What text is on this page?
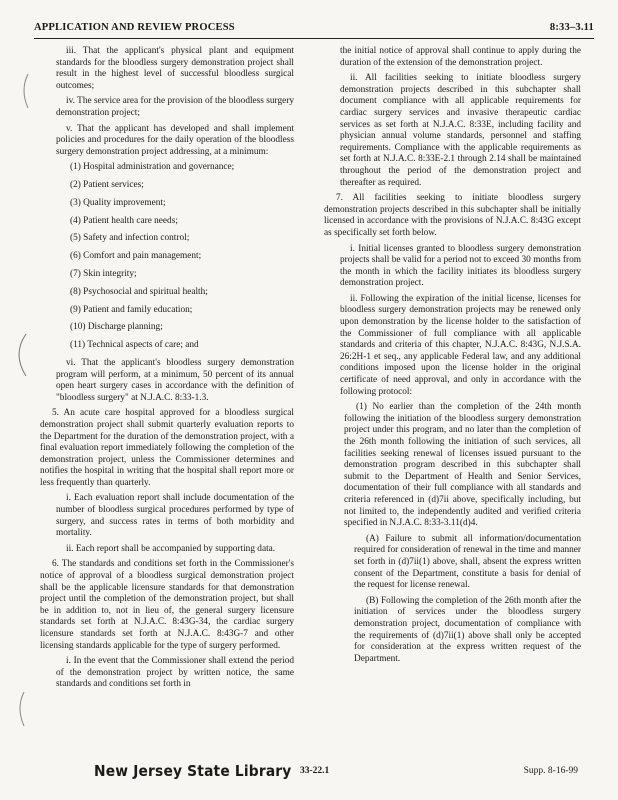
APPLICATION AND REVIEW PROCESS	8:33–3.11

iii. That the applicant's physical plant and equipment standards for the bloodless surgery demonstration project shall result in the highest level of successful bloodless surgical outcomes;

iv. The service area for the provision of the bloodless surgery demonstration project;

v. That the applicant has developed and shall implement policies and procedures for the daily operation of the bloodless surgery demonstration project addressing, at a minimum:

(1) Hospital administration and governance;
(2) Patient services;
(3) Quality improvement;
(4) Patient health care needs;
(5) Safety and infection control;
(6) Comfort and pain management;
(7) Skin integrity;
(8) Psychosocial and spiritual health;
(9) Patient and family education;
(10) Discharge planning;
(11) Technical aspects of care; and

vi. That the applicant's bloodless surgery demonstration program will perform, at a minimum, 50 percent of its annual open heart surgery cases in accordance with the definition of "bloodless surgery" at N.J.A.C. 8:33-1.3.

5. An acute care hospital approved for a bloodless surgical demonstration project shall submit quarterly evaluation reports to the Department for the duration of the demonstration project, with a final evaluation report immediately following the completion of the demonstration project, unless the Commissioner determines and notifies the hospital in writing that the hospital shall report more or less frequently than quarterly.

i. Each evaluation report shall include documentation of the number of bloodless surgical procedures performed by type of surgery, and success rates in terms of both morbidity and mortality.

ii. Each report shall be accompanied by supporting data.

6. The standards and conditions set forth in the Commissioner's notice of approval of a bloodless surgical demonstration project shall be the applicable licensure standards for that demonstration project until the completion of the demonstration project, but shall be in addition to, not in lieu of, the general surgery licensure standards set forth at N.J.A.C. 8:43G-34, the cardiac surgery licensure standards set forth at N.J.A.C. 8:43G-7 and other licensing standards applicable for the type of surgery performed.

i. In the event that the Commissioner shall extend the period of the demonstration project by written notice, the same standards and conditions set forth in

the initial notice of approval shall continue to apply during the duration of the extension of the demonstration project.

ii. All facilities seeking to initiate bloodless surgery demonstration projects described in this subchapter shall document compliance with all applicable requirements for cardiac surgery services and invasive therapeutic cardiac services as set forth at N.J.A.C. 8:33E, including facility and physician annual volume standards, personnel and staffing requirements. Compliance with the applicable requirements as set forth at N.J.A.C. 8:33E-2.1 through 2.14 shall be maintained throughout the period of the demonstration project and thereafter as required.

7. All facilities seeking to initiate bloodless surgery demonstration projects described in this subchapter shall be initially licensed in accordance with the provisions of N.J.A.C. 8:43G except as specifically set forth below.

i. Initial licenses granted to bloodless surgery demonstration projects shall be valid for a period not to exceed 30 months from the month in which the facility initiates its bloodless surgery demonstration project.

ii. Following the expiration of the initial license, licenses for bloodless surgery demonstration projects may be renewed only upon demonstration by the license holder to the satisfaction of the Commissioner of full compliance with all applicable standards and criteria of this chapter, N.J.A.C. 8:43G, N.J.S.A. 26:2H-1 et seq., any applicable Federal law, and any additional conditions imposed upon the license holder in the original certificate of need approval, and only in accordance with the following protocol:

(1) No earlier than the completion of the 24th month following the initiation of the bloodless surgery demonstration project under this program, and no later than the completion of the 26th month following the initiation of such services, all facilities seeking renewal of licenses issued pursuant to the demonstration program described in this subchapter shall submit to the Department of Health and Senior Services, documentation of their full compliance with all standards and criteria referenced in (d)7ii above, specifically including, but not limited to, the independently audited and verified criteria specified in N.J.A.C. 8:33-3.11(d)4.

(A) Failure to submit all information/documentation required for consideration of renewal in the time and manner set forth in (d)7ii(1) above, shall, absent the express written consent of the Department, constitute a basis for denial of the request for license renewal.

(B) Following the completion of the 26th month after the initiation of services under the bloodless surgery demonstration project, documentation of compliance with the requirements of (d)7ii(1) above shall only be accepted for consideration at the express written request of the Department.

New Jersey State Library 33-22.1	Supp. 8-16-99
